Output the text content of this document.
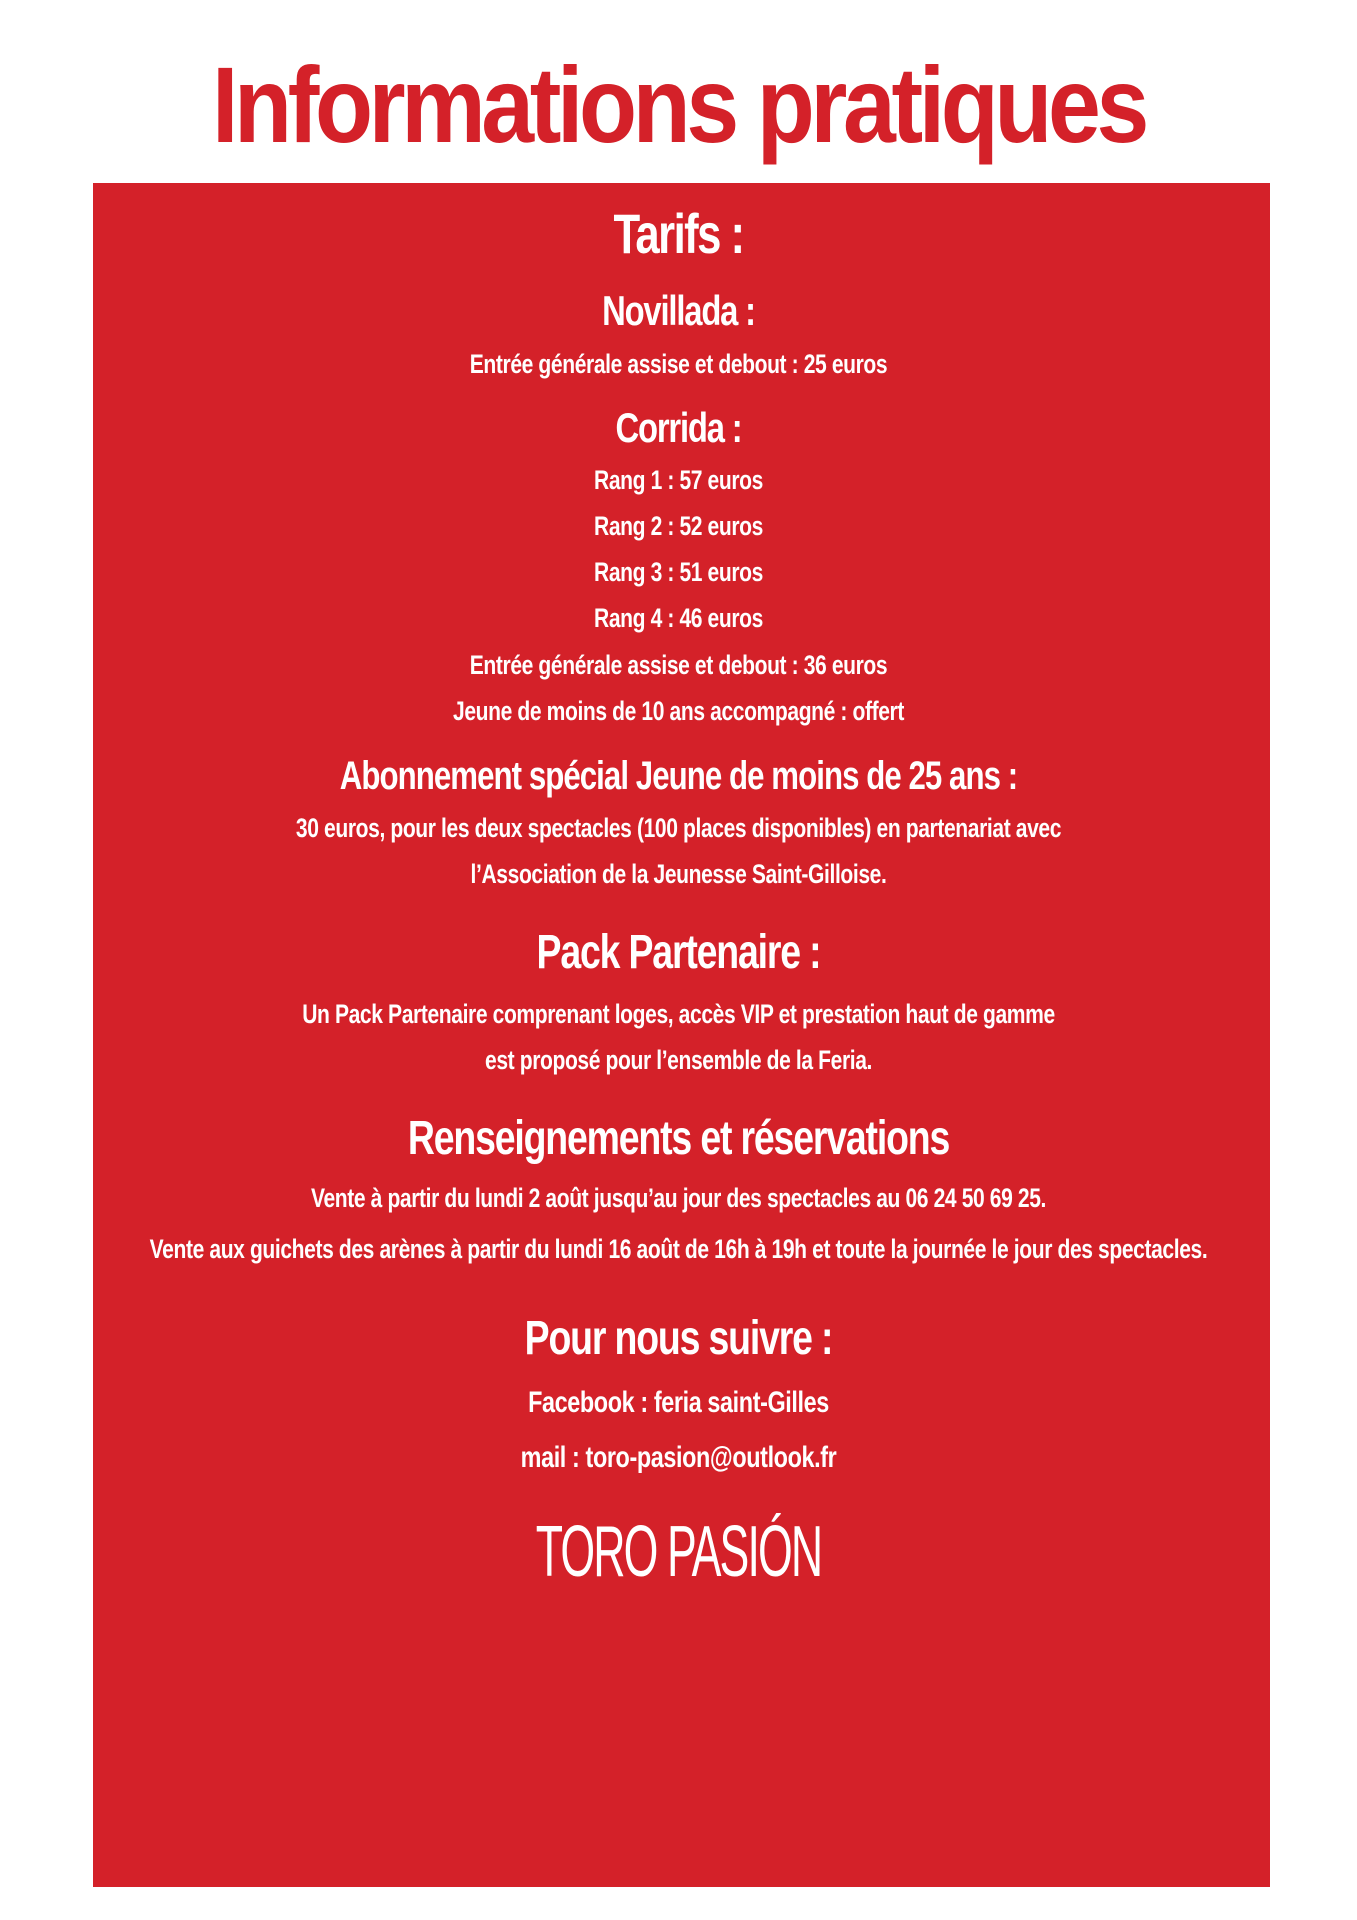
Informations pratiques
Tarifs :
Novillada :
Entrée générale assise et debout : 25 euros
Corrida :
Rang 1 : 57 euros
Rang 2 : 52 euros
Rang 3 : 51 euros
Rang 4 : 46 euros
Entrée générale assise et debout : 36 euros
Jeune de moins de 10 ans accompagné : offert
Abonnement spécial Jeune de moins de 25 ans :
30 euros, pour les deux spectacles (100 places disponibles) en partenariat avec
l’Association de la Jeunesse Saint-Gilloise.
Pack Partenaire :
Un Pack Partenaire comprenant loges, accès VIP et prestation haut de gamme
est proposé pour l’ensemble de la Feria.
Renseignements et réservations
Vente à partir du lundi 2 août jusqu’au jour des spectacles au 06 24 50 69 25.
Vente aux guichets des arènes à partir du lundi 16 août de 16h à 19h et toute la journée le jour des spectacles.
Pour nous suivre :
Facebook : feria saint-Gilles
mail : toro-pasion@outlook.fr
TORO PASIÓN
